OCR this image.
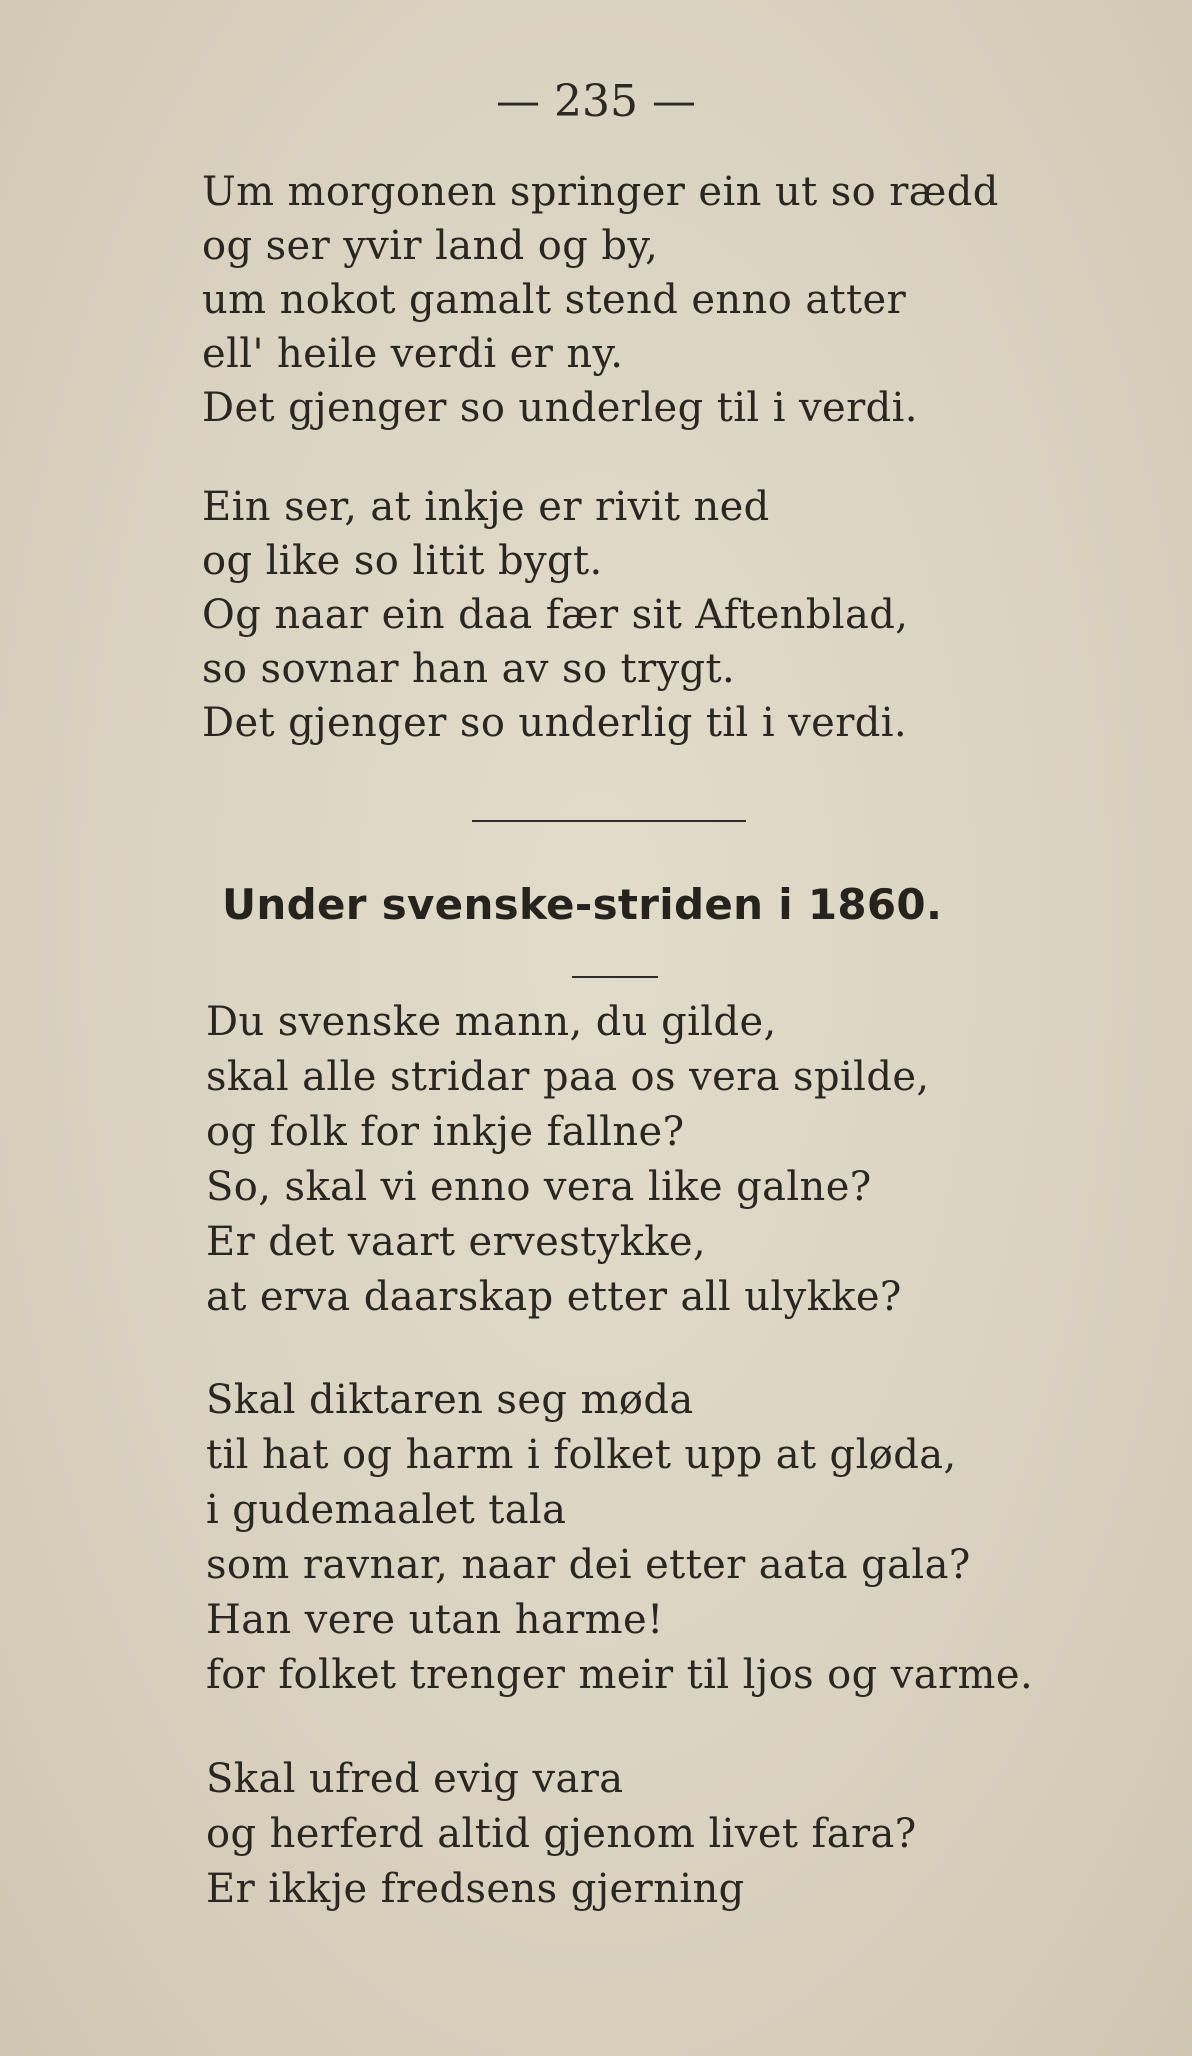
— 235 —

Um morgonen springer ein ut so rædd

og ser yvir land og by,

um nokot gamalt stend enno atter

ell' heile verdi er ny.

Det gjenger so underleg til i verdi.

Ein ser, at inkje er rivit ned

og like so litit bygt.

Og naar ein daa fær sit Aftenblad,

so sovnar han av so trygt.

Det gjenger so underlig til i verdi.

Under svenske-striden i 1860.

Du svenske mann, du gilde,

skal alle stridar paa os vera spilde,

og folk for inkje fallne?

So, skal vi enno vera like galne?

Er det vaart ervestykke,

at erva daarskap etter all ulykke?

Skal diktaren seg møda

til hat og harm i folket upp at gløda,

i gudemaalet tala

som ravnar, naar dei etter aata gala?

Han vere utan harme!

for folket trenger meir til ljos og varme.

Skal ufred evig vara

og herferd altid gjenom livet fara?

Er ikkje fredsens gjerning
